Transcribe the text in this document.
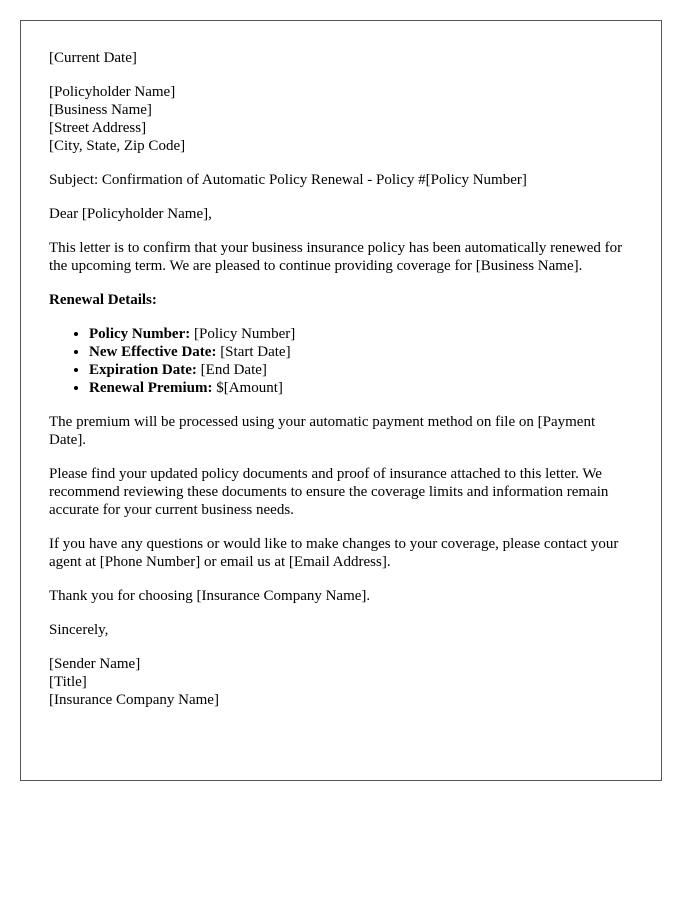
[Current Date]

[Policyholder Name]

[Business Name]

[Street Address]

[City, State, Zip Code]

Subject: Confirmation of Automatic Policy Renewal - Policy #[Policy Number]

Dear [Policyholder Name],

This letter is to confirm that your business insurance policy has been automatically renewed for the upcoming term. We are pleased to continue providing coverage for [Business Name].

Renewal Details:

• Policy Number: [Policy Number]
• New Effective Date: [Start Date]
• Expiration Date: [End Date]
• Renewal Premium: $[Amount]

The premium will be processed using your automatic payment method on file on [Payment Date].

Please find your updated policy documents and proof of insurance attached to this letter. We recommend reviewing these documents to ensure the coverage limits and information remain accurate for your current business needs.

If you have any questions or would like to make changes to your coverage, please contact your agent at [Phone Number] or email us at [Email Address].

Thank you for choosing [Insurance Company Name].

Sincerely,

[Sender Name]

[Title]

[Insurance Company Name]
